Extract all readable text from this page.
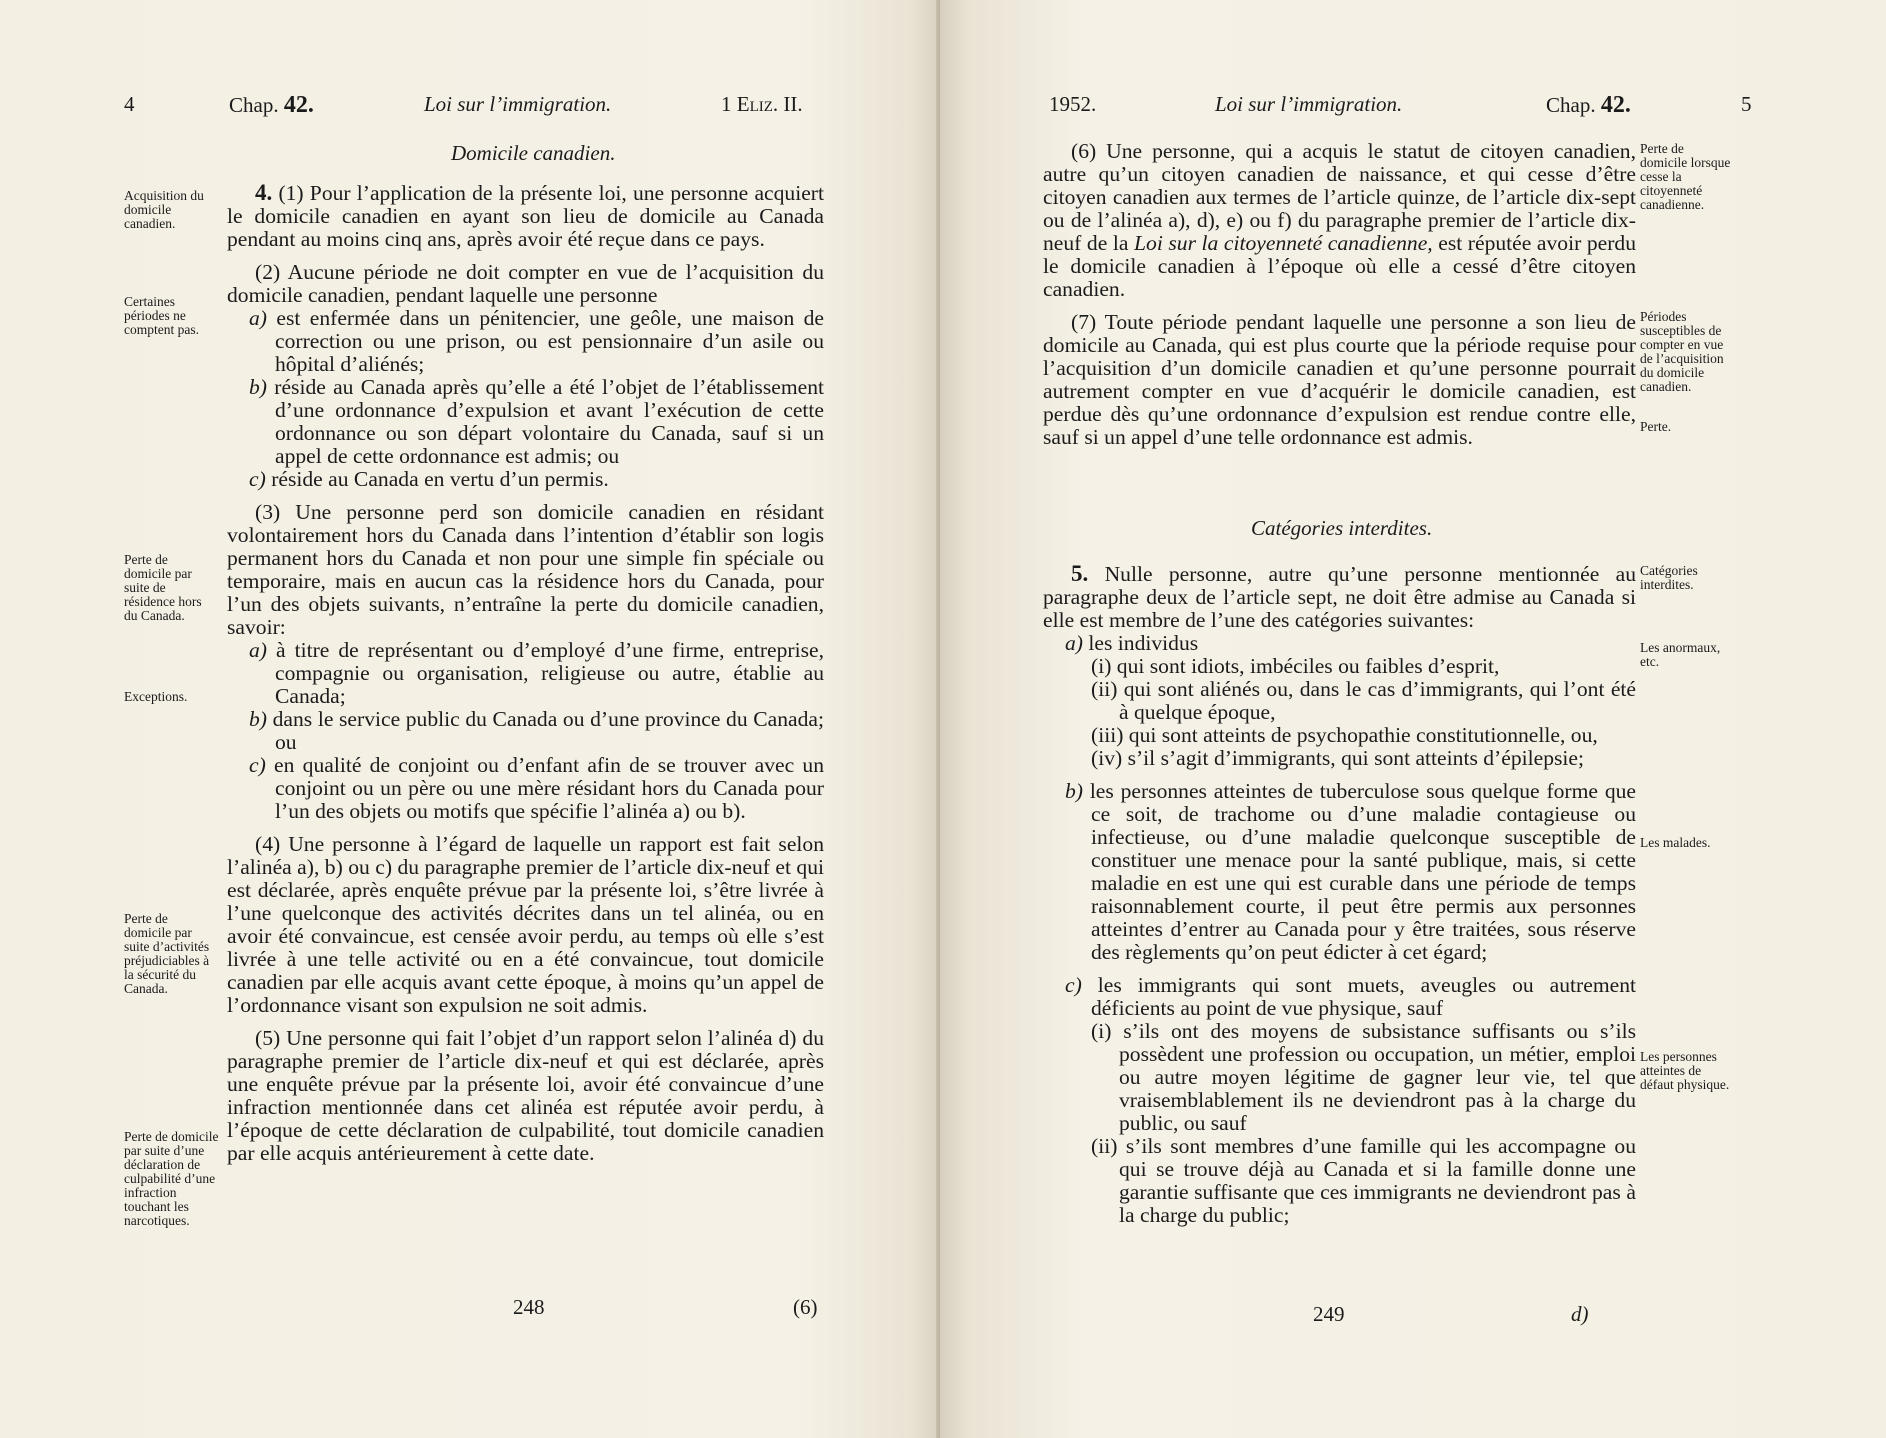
4	Chap. 42.	Loi sur l’immigration.	1 Eliz. II.
Domicile canadien.
Acquisition du domicile canadien.
Certaines périodes ne comptent pas.
Perte de domicile par suite de résidence hors du Canada.
Exceptions.
Perte de domicile par suite d’activités préjudiciables à la sécurité du Canada.
Perte de domicile par suite d’une déclaration de culpabilité d’une infraction touchant les narcotiques.

4. (1) Pour l’application de la présente loi, une personne acquiert le domicile canadien en ayant son lieu de domicile au Canada pendant au moins cinq ans, après avoir été reçue dans ce pays.

(2) Aucune période ne doit compter en vue de l’acquisition du domicile canadien, pendant laquelle une personne

a) est enfermée dans un pénitencier, une geôle, une maison de correction ou une prison, ou est pensionnaire d’un asile ou hôpital d’aliénés;

b) réside au Canada après qu’elle a été l’objet de l’établissement d’une ordonnance d’expulsion et avant l’exécution de cette ordonnance ou son départ volontaire du Canada, sauf si un appel de cette ordonnance est admis; ou

c) réside au Canada en vertu d’un permis.

(3) Une personne perd son domicile canadien en résidant volontairement hors du Canada dans l’intention d’établir son logis permanent hors du Canada et non pour une simple fin spéciale ou temporaire, mais en aucun cas la résidence hors du Canada, pour l’un des objets suivants, n’entraîne la perte du domicile canadien, savoir:

a) à titre de représentant ou d’employé d’une firme, entreprise, compagnie ou organisation, religieuse ou autre, établie au Canada;

b) dans le service public du Canada ou d’une province du Canada; ou

c) en qualité de conjoint ou d’enfant afin de se trouver avec un conjoint ou un père ou une mère résidant hors du Canada pour l’un des objets ou motifs que spécifie l’alinéa a) ou b).

(4) Une personne à l’égard de laquelle un rapport est fait selon l’alinéa a), b) ou c) du paragraphe premier de l’article dix-neuf et qui est déclarée, après enquête prévue par la présente loi, s’être livrée à l’une quelconque des activités décrites dans un tel alinéa, ou en avoir été convaincue, est censée avoir perdu, au temps où elle s’est livrée à une telle activité ou en a été convaincue, tout domicile canadien par elle acquis avant cette époque, à moins qu’un appel de l’ordonnance visant son expulsion ne soit admis.

(5) Une personne qui fait l’objet d’un rapport selon l’alinéa d) du paragraphe premier de l’article dix-neuf et qui est déclarée, après une enquête prévue par la présente loi, avoir été convaincue d’une infraction mentionnée dans cet alinéa est réputée avoir perdu, à l’époque de cette déclaration de culpabilité, tout domicile canadien par elle acquis antérieurement à cette date.

248	(6)
1952.	Loi sur l’immigration.	Chap. 42.	5
Perte de domicile lorsque cesse la citoyenneté canadienne.
Périodes susceptibles de compter en vue de l’acquisition du domicile canadien.
Perte.
Catégories interdites.
Les anormaux, etc.
Les malades.
Les personnes atteintes de défaut physique.

(6) Une personne, qui a acquis le statut de citoyen canadien, autre qu’un citoyen canadien de naissance, et qui cesse d’être citoyen canadien aux termes de l’article quinze, de l’article dix-sept ou de l’alinéa a), d), e) ou f) du paragraphe premier de l’article dix-neuf de la Loi sur la citoyenneté canadienne, est réputée avoir perdu le domicile canadien à l’époque où elle a cessé d’être citoyen canadien.

(7) Toute période pendant laquelle une personne a son lieu de domicile au Canada, qui est plus courte que la période requise pour l’acquisition d’un domicile canadien et qu’une personne pourrait autrement compter en vue d’acquérir le domicile canadien, est perdue dès qu’une ordonnance d’expulsion est rendue contre elle, sauf si un appel d’une telle ordonnance est admis.

Catégories interdites.

5. Nulle personne, autre qu’une personne mentionnée au paragraphe deux de l’article sept, ne doit être admise au Canada si elle est membre de l’une des catégories suivantes:

a) les individus

(i) qui sont idiots, imbéciles ou faibles d’esprit,

(ii) qui sont aliénés ou, dans le cas d’immigrants, qui l’ont été à quelque époque,

(iii) qui sont atteints de psychopathie constitutionnelle, ou,

(iv) s’il s’agit d’immigrants, qui sont atteints d’épilepsie;

b) les personnes atteintes de tuberculose sous quelque forme que ce soit, de trachome ou d’une maladie contagieuse ou infectieuse, ou d’une maladie quelconque susceptible de constituer une menace pour la santé publique, mais, si cette maladie en est une qui est curable dans une période de temps raisonnablement courte, il peut être permis aux personnes atteintes d’entrer au Canada pour y être traitées, sous réserve des règlements qu’on peut édicter à cet égard;

c) les immigrants qui sont muets, aveugles ou autrement déficients au point de vue physique, sauf

(i) s’ils ont des moyens de subsistance suffisants ou s’ils possèdent une profession ou occupation, un métier, emploi ou autre moyen légitime de gagner leur vie, tel que vraisemblablement ils ne deviendront pas à la charge du public, ou sauf

(ii) s’ils sont membres d’une famille qui les accompagne ou qui se trouve déjà au Canada et si la famille donne une garantie suffisante que ces immigrants ne deviendront pas à la charge du public;

249	d)
